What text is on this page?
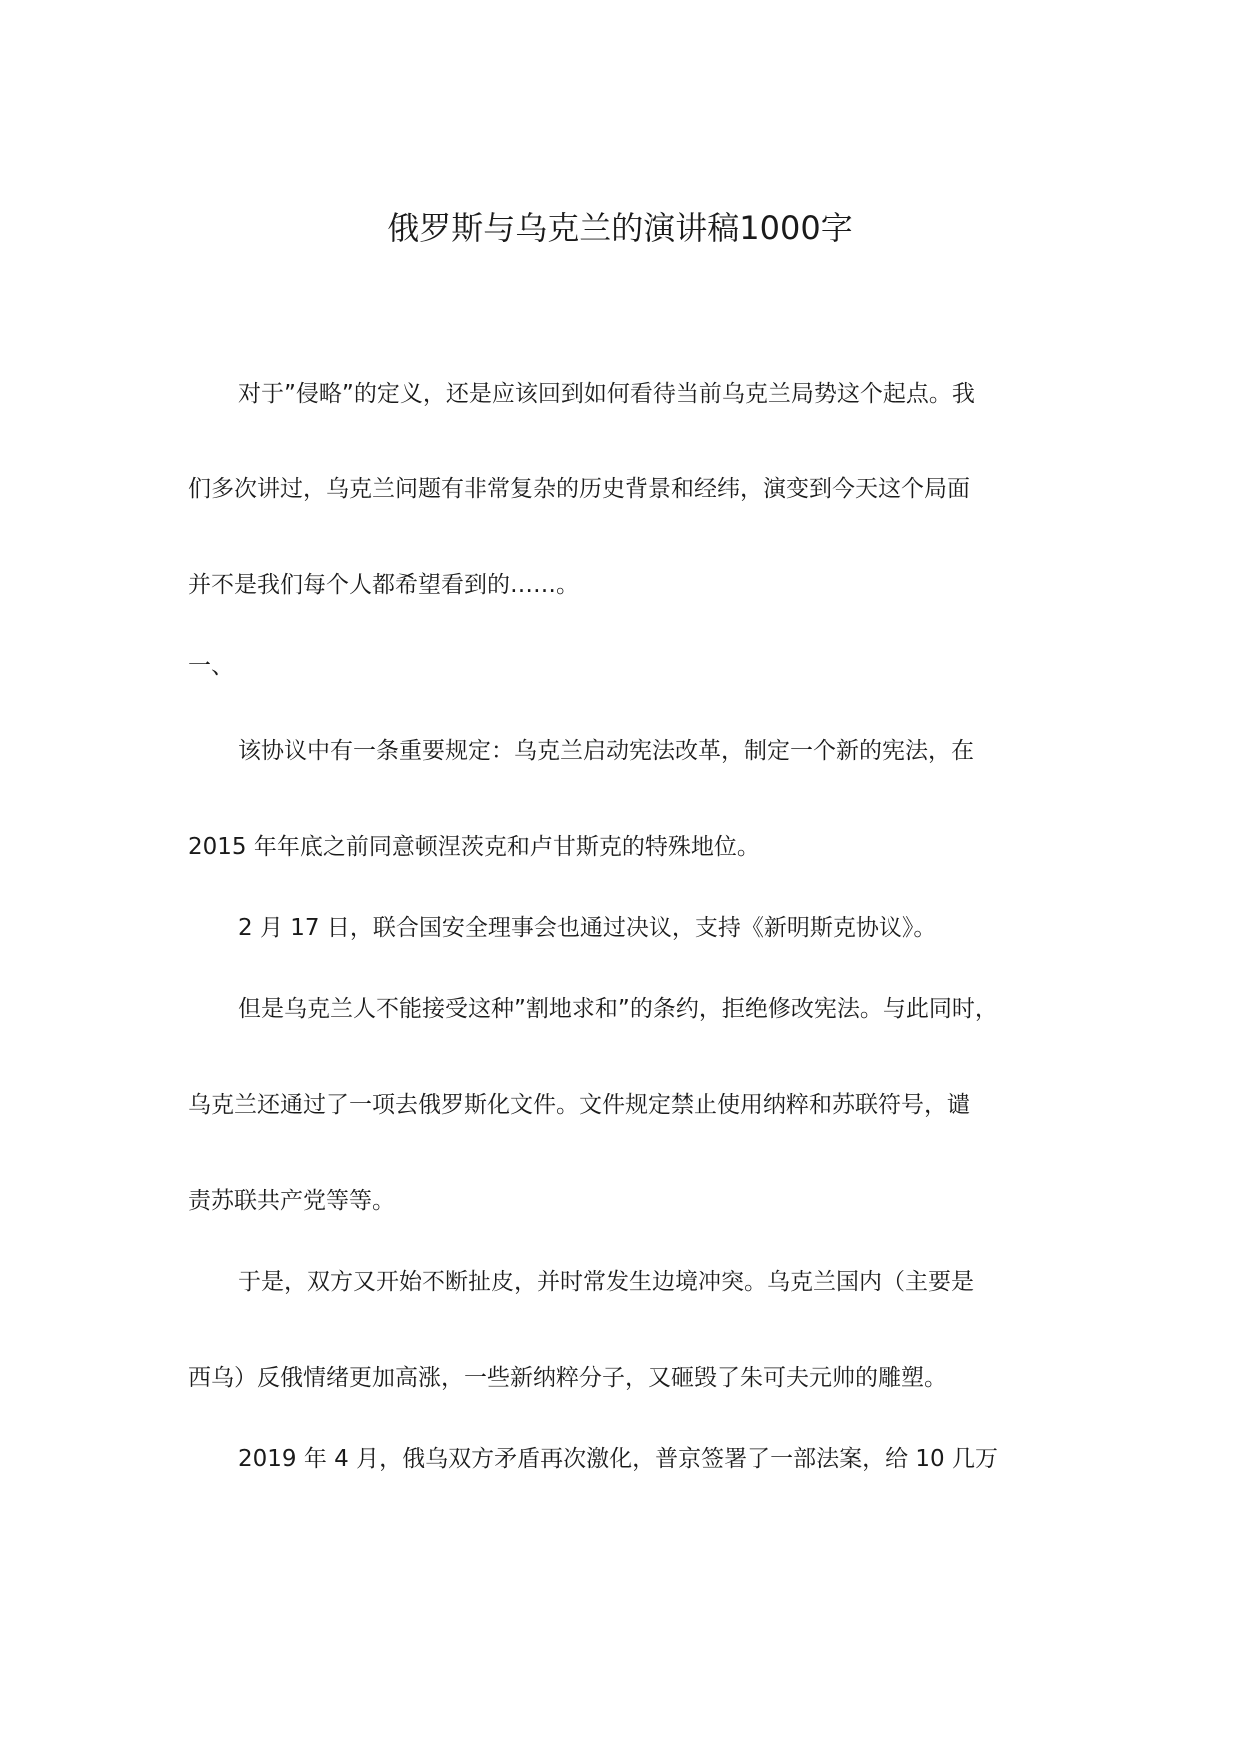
俄罗斯与乌克兰的演讲稿1000字
对于”侵略”的定义，还是应该回到如何看待当前乌克兰局势这个起点。我
们多次讲过，乌克兰问题有非常复杂的历史背景和经纬，演变到今天这个局面
并不是我们每个人都希望看到的……。
一、
该协议中有一条重要规定：乌克兰启动宪法改革，制定一个新的宪法，在
2015 年年底之前同意顿涅茨克和卢甘斯克的特殊地位。
2 月 17 日，联合国安全理事会也通过决议，支持《新明斯克协议》。
但是乌克兰人不能接受这种”割地求和”的条约，拒绝修改宪法。与此同时，
乌克兰还通过了一项去俄罗斯化文件。文件规定禁止使用纳粹和苏联符号，谴
责苏联共产党等等。
于是，双方又开始不断扯皮，并时常发生边境冲突。乌克兰国内（主要是
西乌）反俄情绪更加高涨，一些新纳粹分子，又砸毁了朱可夫元帅的雕塑。
2019 年 4 月，俄乌双方矛盾再次激化，普京签署了一部法案，给 10 几万
